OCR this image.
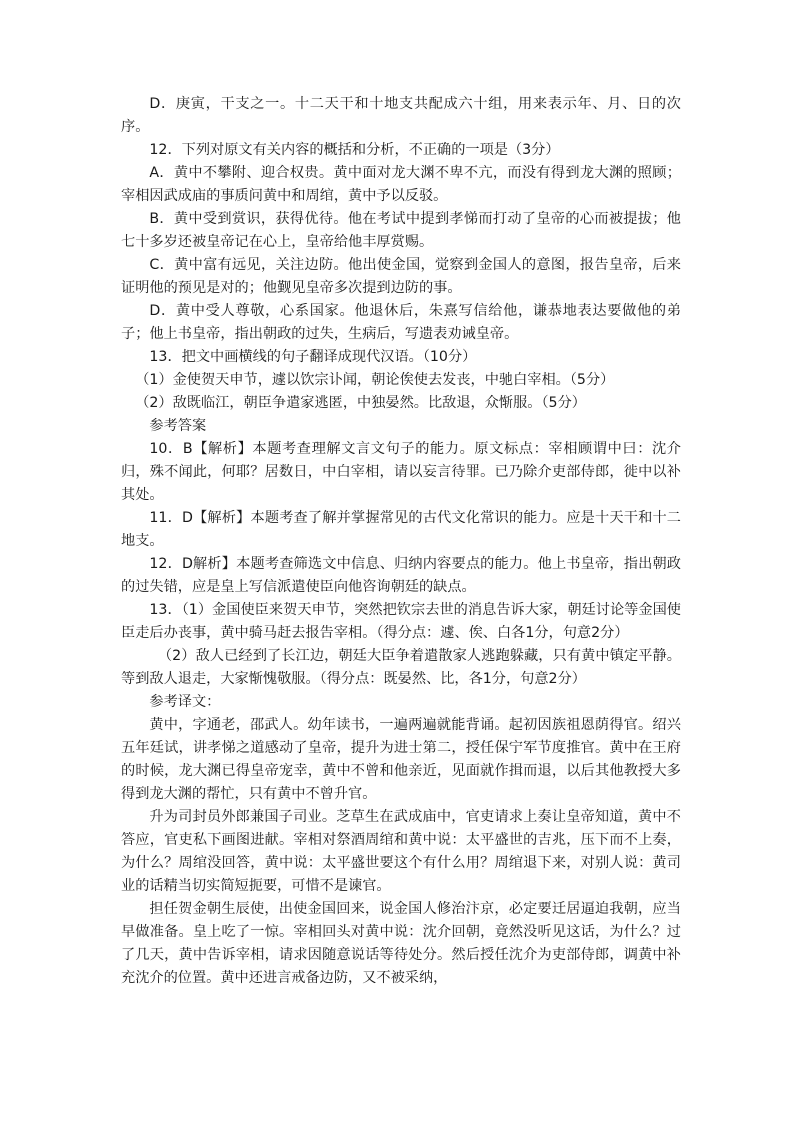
D．庚寅，干支之一。十二天干和十地支共配成六十组，用来表示年、月、日的次序。

12．下列对原文有关内容的概括和分析，不正确的一项是（3分）

A．黄中不攀附、迎合权贵。黄中面对龙大渊不卑不亢，而没有得到龙大渊的照顾；宰相因武成庙的事质问黄中和周绾，黄中予以反驳。

B．黄中受到赏识，获得优待。他在考试中提到孝悌而打动了皇帝的心而被提拔；他七十多岁还被皇帝记在心上，皇帝给他丰厚赏赐。

C．黄中富有远见，关注边防。他出使金国，觉察到金国人的意图，报告皇帝，后来证明他的预见是对的；他觐见皇帝多次提到边防的事。

D．黄中受人尊敬，心系国家。他退休后，朱熹写信给他，谦恭地表达要做他的弟子；他上书皇帝，指出朝政的过失，生病后，写遗表劝诫皇帝。

13．把文中画横线的句子翻译成现代汉语。（10分）

（1）金使贺天申节，遽以饮宗讣闻，朝论俟使去发丧，中驰白宰相。（5分）

（2）敌既临江，朝臣争遣家逃匿，中独晏然。比敌退，众惭服。（5分）

参考答案

10．B【解析】本题考查理解文言文句子的能力。原文标点：宰相顾谓中曰：沈介归，殊不闻此，何耶？居数日，中白宰相，请以妄言待罪。已乃除介吏部侍郎，徙中以补其处。

11．D【解析】本题考查了解并掌握常见的古代文化常识的能力。应是十天干和十二地支。

12．D解析】本题考查筛选文中信息、归纳内容要点的能力。他上书皇帝，指出朝政的过失错，应是皇上写信派遣使臣向他咨询朝廷的缺点。

13．（1）金国使臣来贺天申节，突然把钦宗去世的消息告诉大家，朝廷讨论等金国使臣走后办丧事，黄中骑马赶去报告宰相。（得分点：遽、俟、白各1分，句意2分）

（2）敌人已经到了长江边，朝廷大臣争着遣散家人逃跑躲藏，只有黄中镇定平静。等到敌人退走，大家惭愧敬服。（得分点：既晏然、比，各1分，句意2分）

参考译文：

黄中，字通老，邵武人。幼年读书，一遍两遍就能背诵。起初因族祖恩荫得官。绍兴五年廷试，讲孝悌之道感动了皇帝，提升为进士第二，授任保宁军节度推官。黄中在王府的时候，龙大渊已得皇帝宠幸，黄中不曾和他亲近，见面就作揖而退，以后其他教授大多得到龙大渊的帮忙，只有黄中不曾升官。

升为司封员外郎兼国子司业。芝草生在武成庙中，官吏请求上奏让皇帝知道，黄中不答应，官吏私下画图进献。宰相对祭酒周绾和黄中说：太平盛世的吉兆，压下而不上奏，为什么？周绾没回答，黄中说：太平盛世要这个有什么用？周绾退下来，对别人说：黄司业的话精当切实简短扼要，可惜不是谏官。

担任贺金朝生辰使，出使金国回来，说金国人修治汴京，必定要迁居逼迫我朝，应当早做准备。皇上吃了一惊。宰相回头对黄中说：沈介回朝，竟然没听见这话，为什么？过了几天，黄中告诉宰相，请求因随意说话等待处分。然后授任沈介为吏部侍郎，调黄中补充沈介的位置。黄中还进言戒备边防，又不被采纳，
